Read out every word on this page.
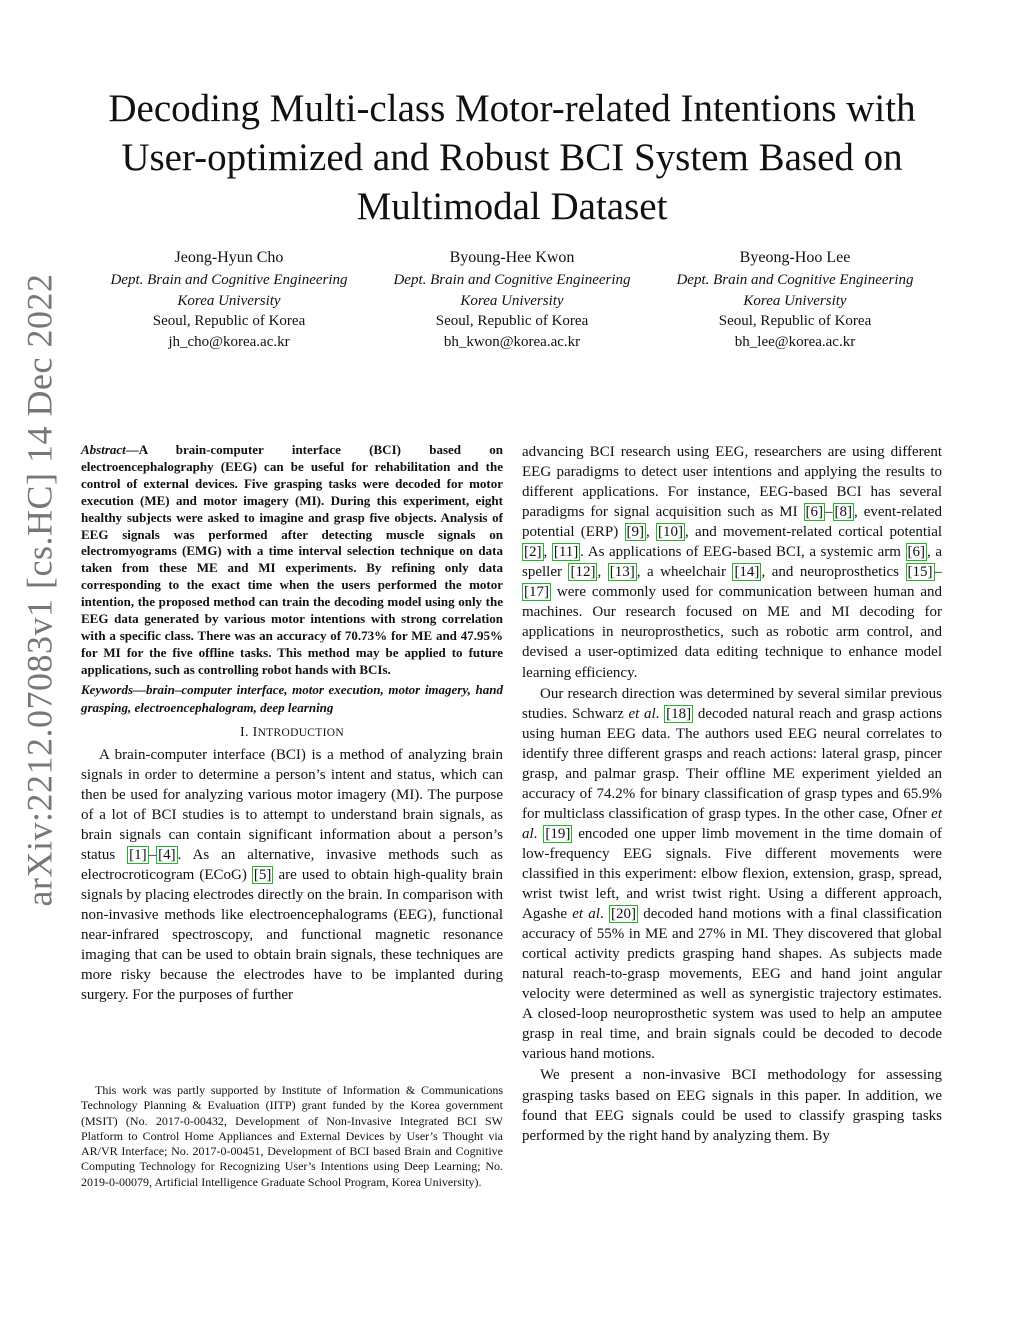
arXiv:2212.07083v1 [cs.HC] 14 Dec 2022
Decoding Multi-class Motor-related Intentions with User-optimized and Robust BCI System Based on Multimodal Dataset
Jeong-Hyun Cho
Dept. Brain and Cognitive Engineering
Korea University
Seoul, Republic of Korea
jh_cho@korea.ac.kr
Byoung-Hee Kwon
Dept. Brain and Cognitive Engineering
Korea University
Seoul, Republic of Korea
bh_kwon@korea.ac.kr
Byeong-Hoo Lee
Dept. Brain and Cognitive Engineering
Korea University
Seoul, Republic of Korea
bh_lee@korea.ac.kr

Abstract—A brain-computer interface (BCI) based on electroencephalography (EEG) can be useful for rehabilitation and the control of external devices. Five grasping tasks were decoded for motor execution (ME) and motor imagery (MI). During this experiment, eight healthy subjects were asked to imagine and grasp five objects. Analysis of EEG signals was performed after detecting muscle signals on electromyograms (EMG) with a time interval selection technique on data taken from these ME and MI experiments. By refining only data corresponding to the exact time when the users performed the motor intention, the proposed method can train the decoding model using only the EEG data generated by various motor intentions with strong correlation with a specific class. There was an accuracy of 70.73% for ME and 47.95% for MI for the five offline tasks. This method may be applied to future applications, such as controlling robot hands with BCIs.

Keywords—brain–computer interface, motor execution, motor imagery, hand grasping, electroencephalogram, deep learning

I. INTRODUCTION

A brain-computer interface (BCI) is a method of analyzing brain signals in order to determine a person’s intent and status, which can then be used for analyzing various motor imagery (MI). The purpose of a lot of BCI studies is to attempt to understand brain signals, as brain signals can contain significant information about a person’s status [1] – [4] . As an alternative, invasive methods such as electrocroticogram (ECoG) [5] are used to obtain high-quality brain signals by placing electrodes directly on the brain. In comparison with non-invasive methods like electroencephalograms (EEG), functional near-infrared spectroscopy, and functional magnetic resonance imaging that can be used to obtain brain signals, these techniques are more risky because the electrodes have to be implanted during surgery. For the purposes of further

This work was partly supported by Institute of Information & Communications Technology Planning & Evaluation (IITP) grant funded by the Korea government (MSIT) (No. 2017-0-00432, Development of Non-Invasive Integrated BCI SW Platform to Control Home Appliances and External Devices by User’s Thought via AR/VR Interface; No. 2017-0-00451, Development of BCI based Brain and Cognitive Computing Technology for Recognizing User’s Intentions using Deep Learning; No. 2019-0-00079, Artificial Intelligence Graduate School Program, Korea University).

advancing BCI research using EEG, researchers are using different EEG paradigms to detect user intentions and applying the results to different applications. For instance, EEG-based BCI has several paradigms for signal acquisition such as MI [6] – [8] , event-related potential (ERP) [9] , [10] , and movement-related cortical potential [2] , [11] . As applications of EEG-based BCI, a systemic arm [6] , a speller [12] , [13] , a wheelchair [14] , and neuroprosthetics [15] –[17] were commonly used for communication between human and machines. Our research focused on ME and MI decoding for applications in neuroprosthetics, such as robotic arm control, and devised a user-optimized data editing technique to enhance model learning efficiency.

Our research direction was determined by several similar previous studies. Schwarz et al. [18] decoded natural reach and grasp actions using human EEG data. The authors used EEG neural correlates to identify three different grasps and reach actions: lateral grasp, pincer grasp, and palmar grasp. Their offline ME experiment yielded an accuracy of 74.2% for binary classification of grasp types and 65.9% for multiclass classification of grasp types. In the other case, Ofner et al. [19] encoded one upper limb movement in the time domain of low-frequency EEG signals. Five different movements were classified in this experiment: elbow flexion, extension, grasp, spread, wrist twist left, and wrist twist right. Using a different approach, Agashe et al. [20] decoded hand motions with a final classification accuracy of 55% in ME and 27% in MI. They discovered that global cortical activity predicts grasping hand shapes. As subjects made natural reach-to-grasp movements, EEG and hand joint angular velocity were determined as well as synergistic trajectory estimates. A closed-loop neuroprosthetic system was used to help an amputee grasp in real time, and brain signals could be decoded to decode various hand motions.

We present a non-invasive BCI methodology for assessing grasping tasks based on EEG signals in this paper. In addition, we found that EEG signals could be used to classify grasping tasks performed by the right hand by analyzing them. By
